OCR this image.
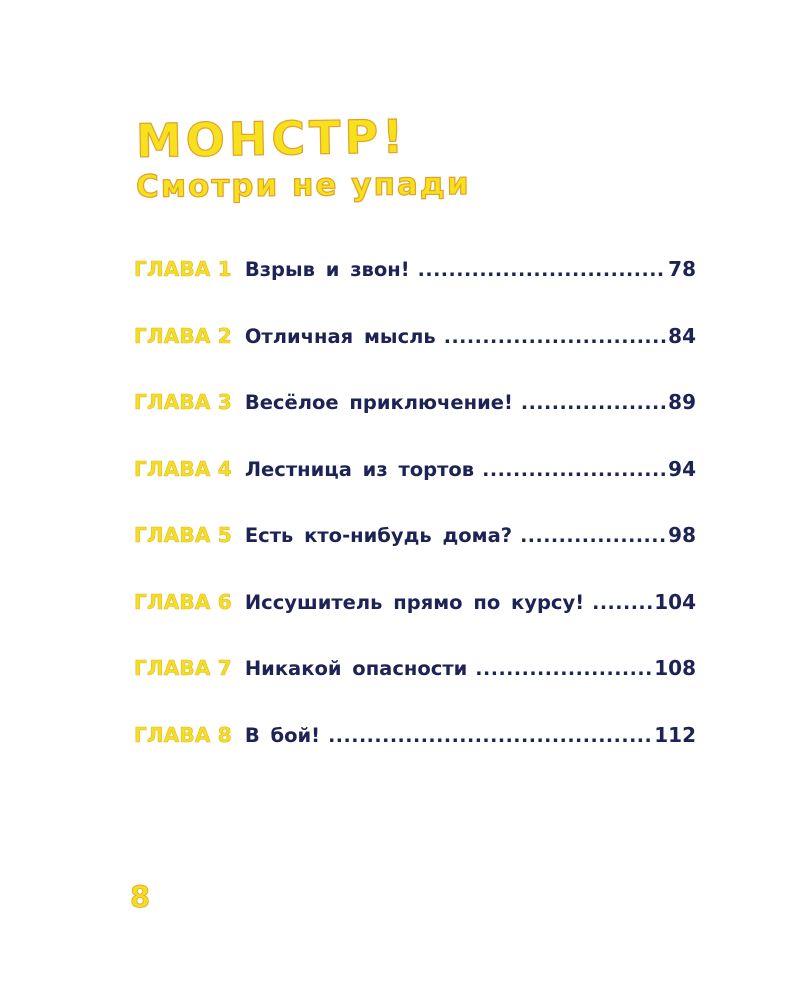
МОНСТР!
Смотри не упади
ГЛАВА 1 Взрыв и звон! .....	78
ГЛАВА 2 Отличная мысль .....	84
ГЛАВА 3 Весёлое приключение! .....	89
ГЛАВА 4 Лестница из тортов .....	94
ГЛАВА 5 Есть кто-нибудь дома? .....	98
ГЛАВА 6 Иссушитель прямо по курсу! .....	104
ГЛАВА 7 Никакой опасности .....	108
ГЛАВА 8 В бой! .....	112
8
